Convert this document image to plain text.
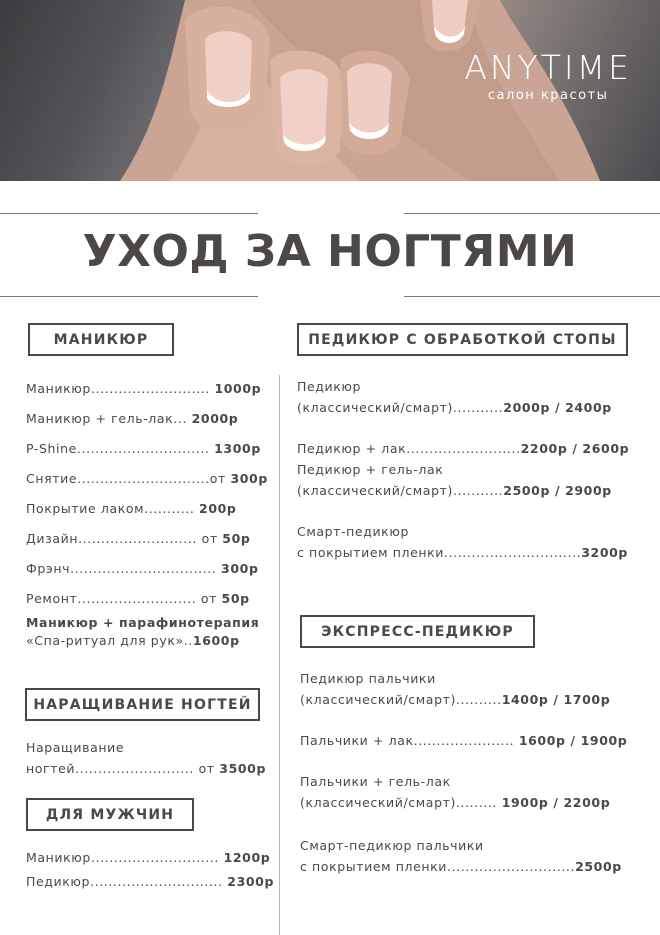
ANYTIME
салон красоты
УХОД ЗА НОГТЯМИ
МАНИКЮР
Маникюр.......................... 1000р
Маникюр + гель-лак... 2000р
P-Shine............................. 1300р
Снятие.............................от 300р
Покрытие лаком........... 200р
Дизайн.......................... от 50р
Фрэнч................................ 300р
Ремонт.......................... от 50р
Маникюр + парафинотерапия
«Спа-ритуал для рук»..1600р
НАРАЩИВАНИЕ НОГТЕЙ
Наращивание
ногтей.......................... от 3500р
ДЛЯ МУЖЧИН
Маникюр............................ 1200р
Педикюр............................. 2300р
ПЕДИКЮР С ОБРАБОТКОЙ СТОПЫ
Педикюр
(классический/смарт)...........2000р / 2400р
Педикюр + лак.........................2200р / 2600р
Педикюр + гель-лак
(классический/смарт)...........2500р / 2900р
Смарт-педикюр
с покрытием пленки..............................3200р
ЭКСПРЕСС-ПЕДИКЮР
Педикюр пальчики
(классический/смарт)..........1400р / 1700р
Пальчики + лак...................... 1600р / 1900р
Пальчики + гель-лак
(классический/смарт)......... 1900р / 2200р
Смарт-педикюр пальчики
с покрытием пленки............................2500р
